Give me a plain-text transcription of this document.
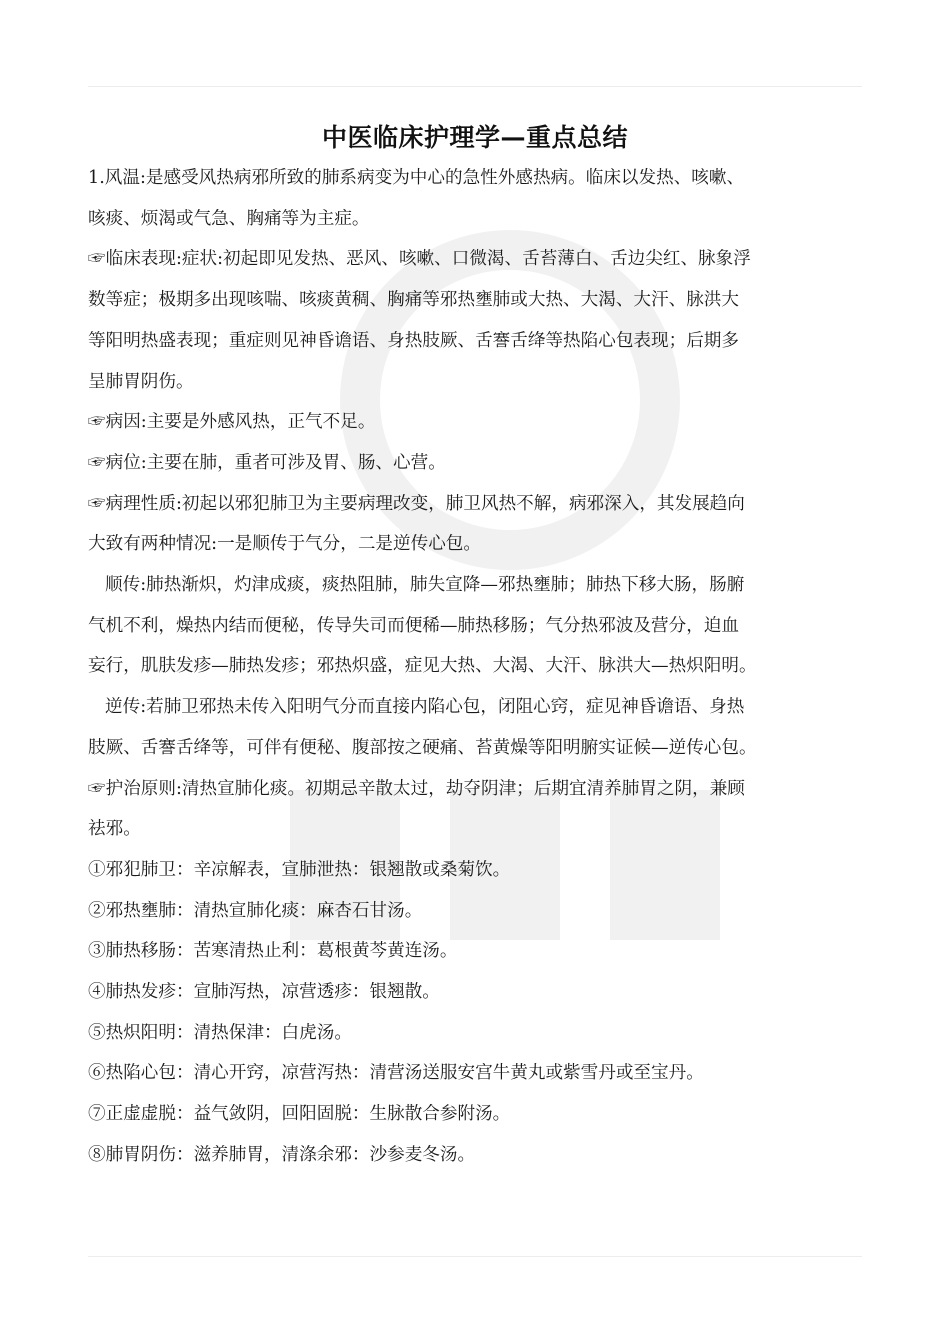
中医临床护理学—重点总结

1.风温:是感受风热病邪所致的肺系病变为中心的急性外感热病。临床以发热、咳嗽、

咳痰、烦渴或气急、胸痛等为主症。

☞临床表现:症状:初起即见发热、恶风、咳嗽、口微渴、舌苔薄白、舌边尖红、脉象浮

数等症；极期多出现咳喘、咳痰黄稠、胸痛等邪热壅肺或大热、大渴、大汗、脉洪大

等阳明热盛表现；重症则见神昏谵语、身热肢厥、舌謇舌绛等热陷心包表现；后期多

呈肺胃阴伤。

☞病因:主要是外感风热，正气不足。

☞病位:主要在肺，重者可涉及胃、肠、心营。

☞病理性质:初起以邪犯肺卫为主要病理改变，肺卫风热不解，病邪深入，其发展趋向

大致有两种情况:一是顺传于气分，二是逆传心包。

顺传:肺热渐炽，灼津成痰，痰热阻肺，肺失宣降—邪热壅肺；肺热下移大肠，肠腑

气机不利，燥热内结而便秘，传导失司而便稀—肺热移肠；气分热邪波及营分，迫血

妄行，肌肤发疹—肺热发疹；邪热炽盛，症见大热、大渴、大汗、脉洪大—热炽阳明。

逆传:若肺卫邪热未传入阳明气分而直接内陷心包，闭阻心窍，症见神昏谵语、身热

肢厥、舌謇舌绛等，可伴有便秘、腹部按之硬痛、苔黄燥等阳明腑实证候—逆传心包。

☞护治原则:清热宣肺化痰。初期忌辛散太过，劫夺阴津；后期宜清养肺胃之阴，兼顾

祛邪。

①邪犯肺卫：辛凉解表，宣肺泄热：银翘散或桑菊饮。

②邪热壅肺：清热宣肺化痰：麻杏石甘汤。

③肺热移肠：苦寒清热止利：葛根黄芩黄连汤。

④肺热发疹：宣肺泻热，凉营透疹：银翘散。

⑤热炽阳明：清热保津：白虎汤。

⑥热陷心包：清心开窍，凉营泻热：清营汤送服安宫牛黄丸或紫雪丹或至宝丹。

⑦正虚虚脱：益气敛阴，回阳固脱：生脉散合参附汤。

⑧肺胃阴伤：滋养肺胃，清涤余邪：沙参麦冬汤。
